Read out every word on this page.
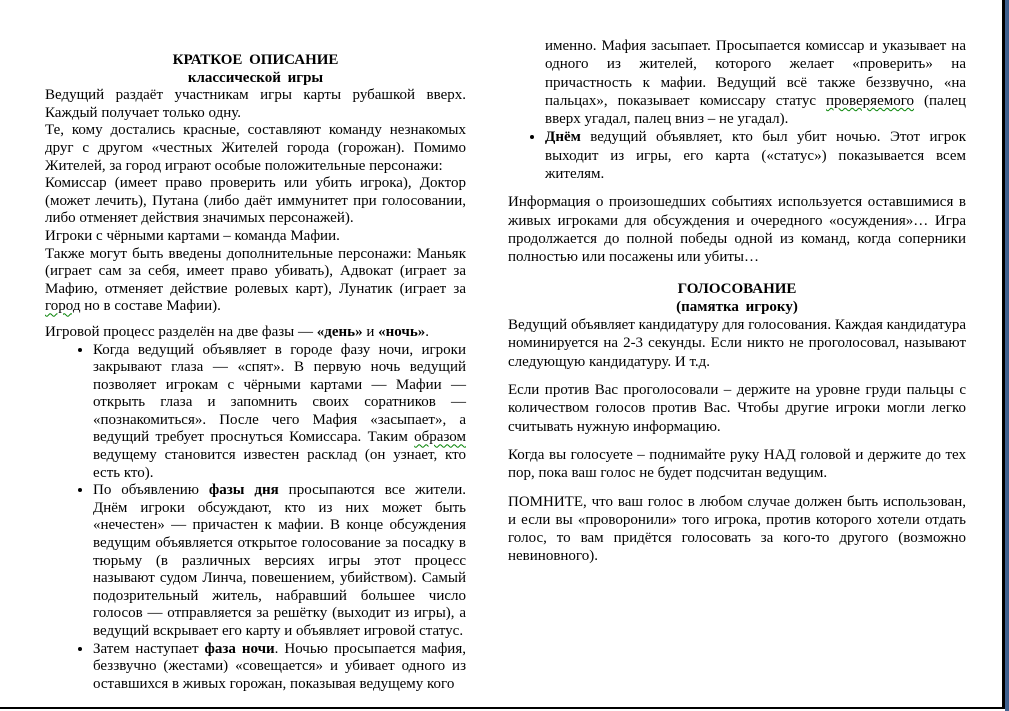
КРАТКОЕ ОПИСАНИЕ
классической игры

Ведущий раздаёт участникам игры карты рубашкой вверх. Каждый получает только одну.

Те, кому достались красные, составляют команду незнакомых друг с другом «честных Жителей города (горожан). Помимо Жителей, за город играют особые положительные персонажи:

Комиссар (имеет право проверить или убить игрока), Доктор (может лечить), Путана (либо даёт иммунитет при голосовании, либо отменяет действия значимых персонажей).

Игроки с чёрными картами – команда Мафии.

Также могут быть введены дополнительные персонажи: Маньяк (играет сам за себя, имеет право убивать), Адвокат (играет за Мафию, отменяет действие ролевых карт), Лунатик (играет за город но в составе Мафии).

Игровой процесс разделён на две фазы — «день» и «ночь».

• Когда ведущий объявляет в городе фазу ночи, игроки закрывают глаза — «спят». В первую ночь ведущий позволяет игрокам с чёрными картами — Мафии — открыть глаза и запомнить своих соратников — «познакомиться». После чего Мафия «засыпает», а ведущий требует проснуться Комиссара. Таким образом ведущему становится известен расклад (он узнает, кто есть кто).
• По объявлению фазы дня просыпаются все жители. Днём игроки обсуждают, кто из них может быть «нечестен» — причастен к мафии. В конце обсуждения ведущим объявляется открытое голосование за посадку в тюрьму (в различных версиях игры этот процесс называют судом Линча, повешением, убийством). Самый подозрительный житель, набравший большее число голосов — отправляется за решётку (выходит из игры), а ведущий вскрывает его карту и объявляет игровой статус.
• Затем наступает фаза ночи. Ночью просыпается мафия, беззвучно (жестами) «совещается» и убивает одного из оставшихся в живых горожан, показывая ведущему кого
именно. Мафия засыпает. Просыпается комиссар и указывает на одного из жителей, которого желает «проверить» на причастность к мафии. Ведущий всё также беззвучно, «на пальцах», показывает комиссару статус проверяемого (палец вверх угадал, палец вниз – не угадал).
• Днём ведущий объявляет, кто был убит ночью. Этот игрок выходит из игры, его карта («статус») показывается всем жителям.

Информация о произошедших событиях используется оставшимися в живых игроками для обсуждения и очередного «осуждения»… Игра продолжается до полной победы одной из команд, когда соперники полностью или посажены или убиты…

ГОЛОСОВАНИЕ
(памятка игроку)

Ведущий объявляет кандидатуру для голосования. Каждая кандидатура номинируется на 2-3 секунды. Если никто не проголосовал, называют следующую кандидатуру. И т.д.

Если против Вас проголосовали – держите на уровне груди пальцы с количеством голосов против Вас. Чтобы другие игроки могли легко считывать нужную информацию.

Когда вы голосуете – поднимайте руку НАД головой и держите до тех пор, пока ваш голос не будет подсчитан ведущим.

ПОМНИТЕ, что ваш голос в любом случае должен быть использован, и если вы «проворонили» того игрока, против которого хотели отдать голос, то вам придётся голосовать за кого-то другого (возможно невиновного).
